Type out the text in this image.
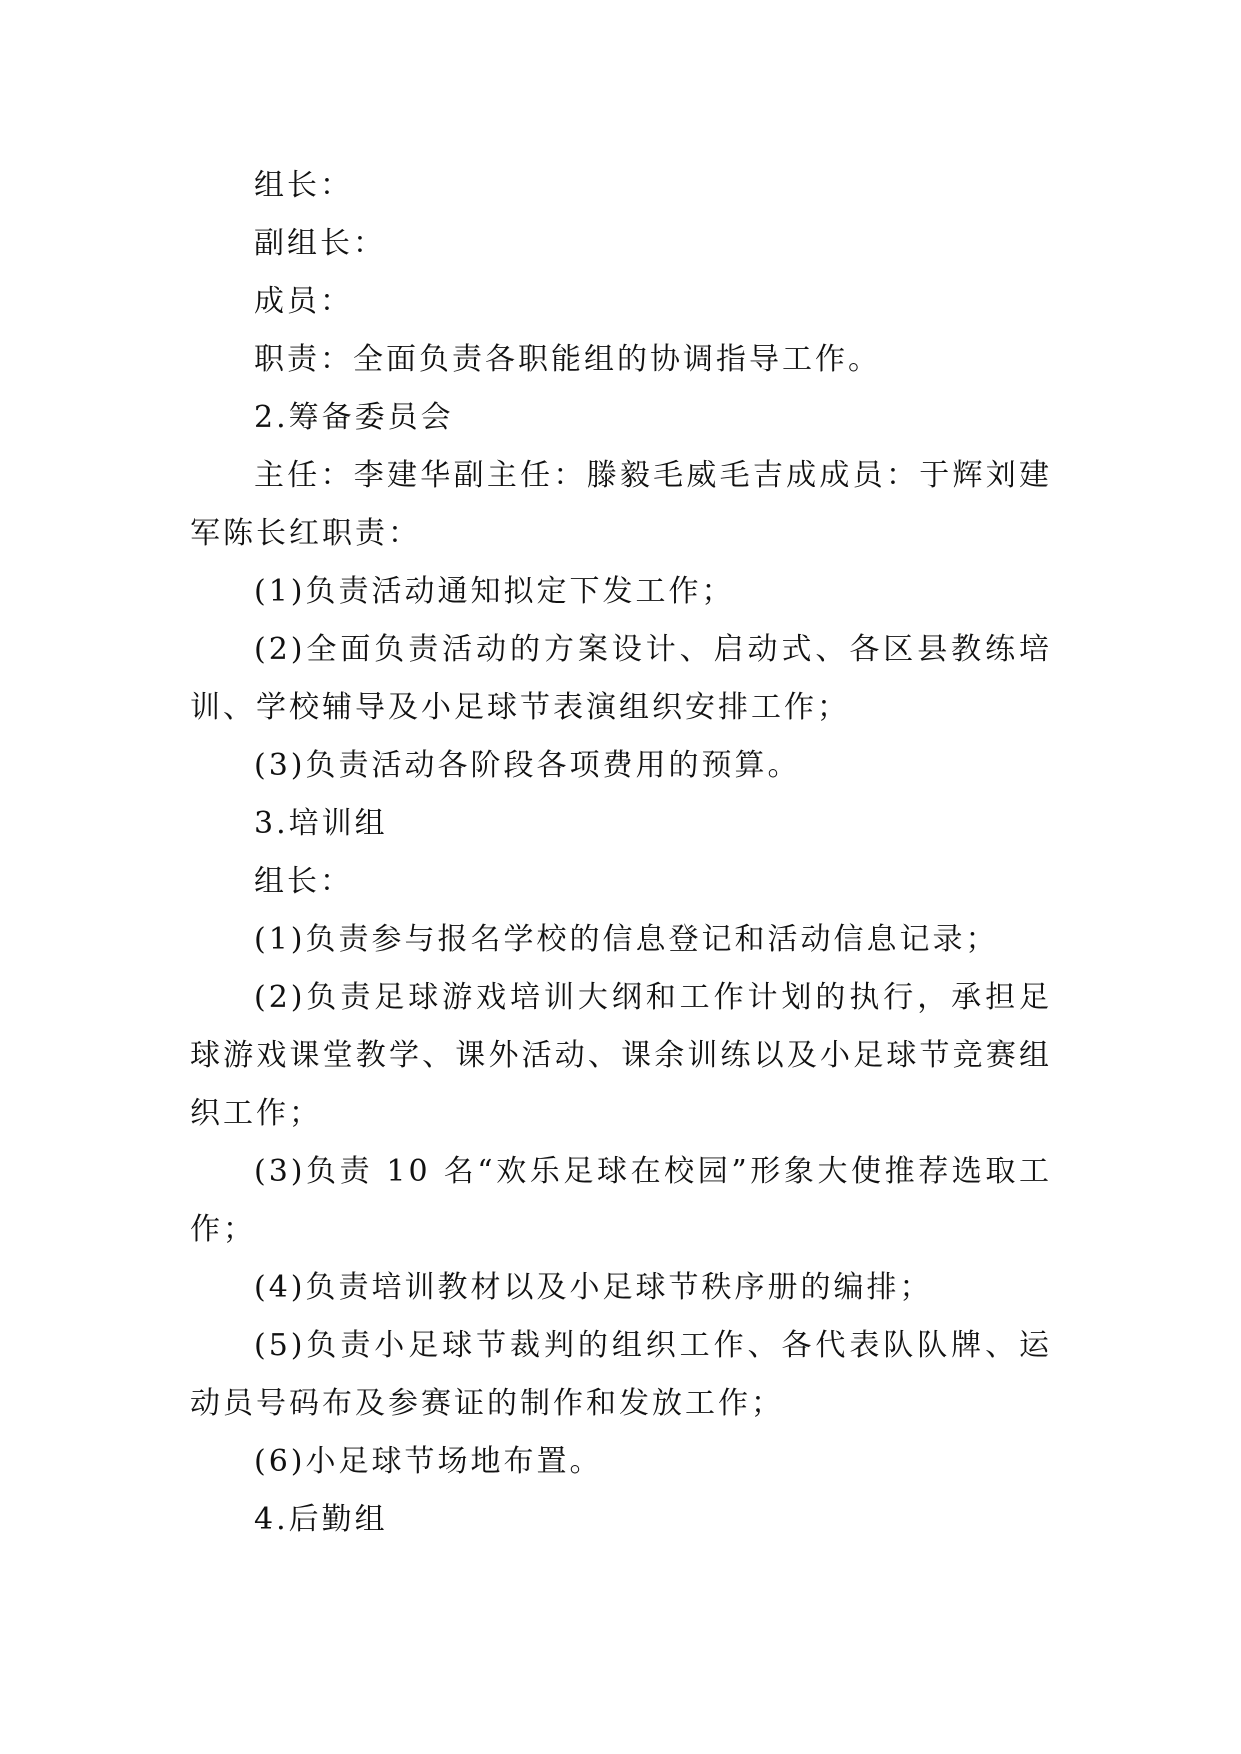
组长：

副组长：

成员：

职责：全面负责各职能组的协调指导工作。

2.筹备委员会

主任：李建华副主任：滕毅毛威毛吉成成员：于辉刘建军陈长红职责：

(1)负责活动通知拟定下发工作；

(2)全面负责活动的方案设计、启动式、各区县教练培训、学校辅导及小足球节表演组织安排工作；

(3)负责活动各阶段各项费用的预算。

3.培训组

组长：

(1)负责参与报名学校的信息登记和活动信息记录；

(2)负责足球游戏培训大纲和工作计划的执行，承担足球游戏课堂教学、课外活动、课余训练以及小足球节竞赛组织工作；

(3)负责 10 名“欢乐足球在校园”形象大使推荐选取工作；

(4)负责培训教材以及小足球节秩序册的编排；

(5)负责小足球节裁判的组织工作、各代表队队牌、运动员号码布及参赛证的制作和发放工作；

(6)小足球节场地布置。

4.后勤组
